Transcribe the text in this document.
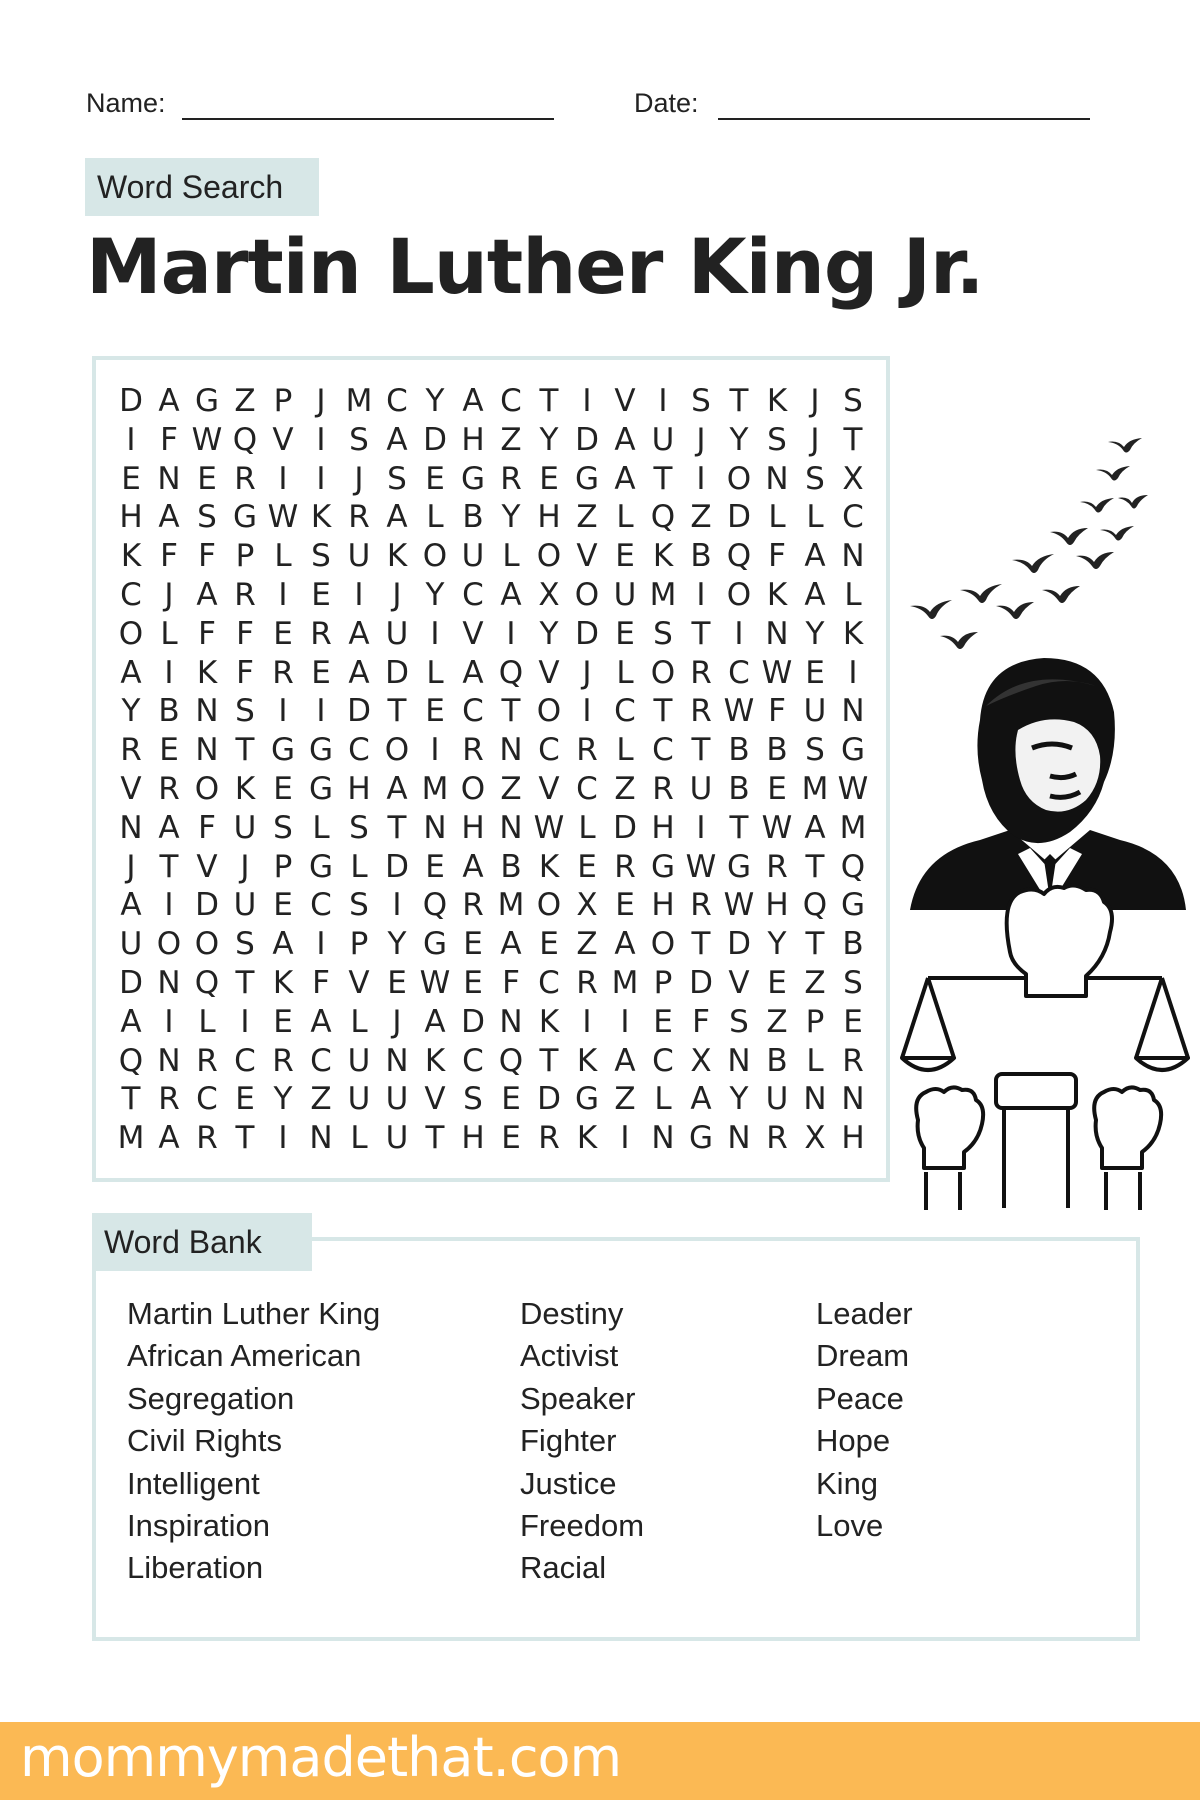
Name:	Date:
Word Search
Martin Luther King Jr.
D A G Z P J M C Y A C T I V I S T K J S
I F W Q V I S A D H Z Y D A U J Y S J T
E N E R I I J S E G R E G A T I O N S X
H A S G W K R A L B Y H Z L Q Z D L L C
K F F P L S U K O U L O V E K B Q F A N
C J A R I E I J Y C A X O U M I O K A L
O L F F E R A U I V I Y D E S T I N Y K
A I K F R E A D L A Q V J L O R C W E I
Y B N S I I D T E C T O I C T R W F U N
R E N T G G C O I R N C R L C T B B S G
V R O K E G H A M O Z V C Z R U B E M W
N A F U S L S T N H N W L D H I T W A M
J T V J P G L D E A B K E R G W G R T Q
A I D U E C S I Q R M O X E H R W H Q G
U O O S A I P Y G E A E Z A O T D Y T B
D N Q T K F V E W E F C R M P D V E Z S
A I L I E A L J A D N K I I E F S Z P E
Q N R C R C U N K C Q T K A C X N B L R
T R C E Y Z U U V S E D G Z L A Y U N N
M A R T I N L U T H E R K I N G N R X H
Word Bank
Martin Luther King
African American
Segregation
Civil Rights
Intelligent
Inspiration
Liberation
Destiny
Activist
Speaker
Fighter
Justice
Freedom
Racial
Leader
Dream
Peace
Hope
King
Love
mommymadethat.com
